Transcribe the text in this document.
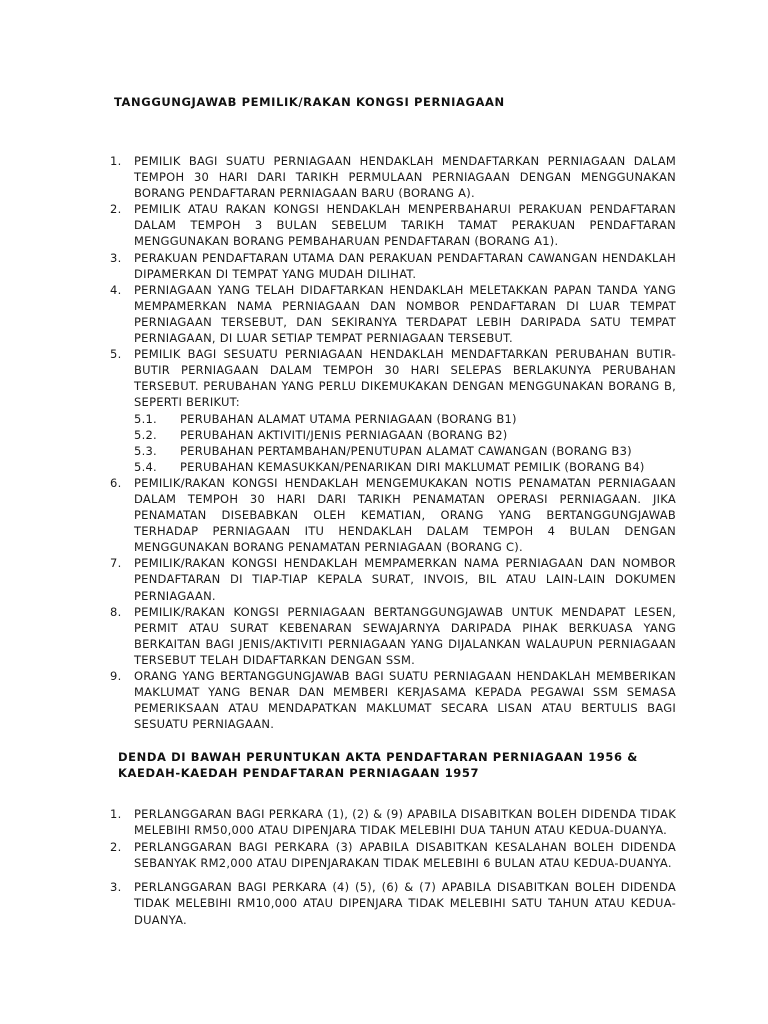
TANGGUNGJAWAB PEMILIK/RAKAN KONGSI PERNIAGAAN
1. PEMILIK BAGI SUATU PERNIAGAAN HENDAKLAH MENDAFTARKAN PERNIAGAAN DALAM TEMPOH 30 HARI DARI TARIKH PERMULAAN PERNIAGAAN DENGAN MENGGUNAKAN BORANG PENDAFTARAN PERNIAGAAN BARU (BORANG A).
2. PEMILIK ATAU RAKAN KONGSI HENDAKLAH MENPERBAHARUI PERAKUAN PENDAFTARAN DALAM TEMPOH 3 BULAN SEBELUM TARIKH TAMAT PERAKUAN PENDAFTARAN MENGGUNAKAN BORANG PEMBAHARUAN PENDAFTARAN (BORANG A1).
3. PERAKUAN PENDAFTARAN UTAMA DAN PERAKUAN PENDAFTARAN CAWANGAN HENDAKLAH DIPAMERKAN DI TEMPAT YANG MUDAH DILIHAT.
4. PERNIAGAAN YANG TELAH DIDAFTARKAN HENDAKLAH MELETAKKAN PAPAN TANDA YANG MEMPAMERKAN NAMA PERNIAGAAN DAN NOMBOR PENDAFTARAN DI LUAR TEMPAT PERNIAGAAN TERSEBUT, DAN SEKIRANYA TERDAPAT LEBIH DARIPADA SATU TEMPAT PERNIAGAAN, DI LUAR SETIAP TEMPAT PERNIAGAAN TERSEBUT.
5. PEMILIK BAGI SESUATU PERNIAGAAN HENDAKLAH MENDAFTARKAN PERUBAHAN BUTIR-BUTIR PERNIAGAAN DALAM TEMPOH 30 HARI SELEPAS BERLAKUNYA PERUBAHAN TERSEBUT. PERUBAHAN YANG PERLU DIKEMUKAKAN DENGAN MENGGUNAKAN BORANG B, SEPERTI BERIKUT:
5.1. PERUBAHAN ALAMAT UTAMA PERNIAGAAN (BORANG B1)
5.2. PERUBAHAN AKTIVITI/JENIS PERNIAGAAN (BORANG B2)
5.3. PERUBAHAN PERTAMBAHAN/PENUTUPAN ALAMAT CAWANGAN (BORANG B3)
5.4. PERUBAHAN KEMASUKKAN/PENARIKAN DIRI MAKLUMAT PEMILIK (BORANG B4)
6. PEMILIK/RAKAN KONGSI HENDAKLAH MENGEMUKAKAN NOTIS PENAMATAN PERNIAGAAN DALAM TEMPOH 30 HARI DARI TARIKH PENAMATAN OPERASI PERNIAGAAN. JIKA PENAMATAN DISEBABKAN OLEH KEMATIAN, ORANG YANG BERTANGGUNGJAWAB TERHADAP PERNIAGAAN ITU HENDAKLAH DALAM TEMPOH 4 BULAN DENGAN MENGGUNAKAN BORANG PENAMATAN PERNIAGAAN (BORANG C).
7. PEMILIK/RAKAN KONGSI HENDAKLAH MEMPAMERKAN NAMA PERNIAGAAN DAN NOMBOR PENDAFTARAN DI TIAP-TIAP KEPALA SURAT, INVOIS, BIL ATAU LAIN-LAIN DOKUMEN PERNIAGAAN.
8. PEMILIK/RAKAN KONGSI PERNIAGAAN BERTANGGUNGJAWAB UNTUK MENDAPAT LESEN, PERMIT ATAU SURAT KEBENARAN SEWAJARNYA DARIPADA PIHAK BERKUASA YANG BERKAITAN BAGI JENIS/AKTIVITI PERNIAGAAN YANG DIJALANKAN WALAUPUN PERNIAGAAN TERSEBUT TELAH DIDAFTARKAN DENGAN SSM.
9. ORANG YANG BERTANGGUNGJAWAB BAGI SUATU PERNIAGAAN HENDAKLAH MEMBERIKAN MAKLUMAT YANG BENAR DAN MEMBERI KERJASAMA KEPADA PEGAWAI SSM SEMASA PEMERIKSAAN ATAU MENDAPATKAN MAKLUMAT SECARA LISAN ATAU BERTULIS BAGI SESUATU PERNIAGAAN.
DENDA DI BAWAH PERUNTUKAN AKTA PENDAFTARAN PERNIAGAAN 1956 &
KAEDAH-KAEDAH PENDAFTARAN PERNIAGAAN 1957
1. PERLANGGARAN BAGI PERKARA (1), (2) & (9) APABILA DISABITKAN BOLEH DIDENDA TIDAK MELEBIHI RM50,000 ATAU DIPENJARA TIDAK MELEBIHI DUA TAHUN ATAU KEDUA-DUANYA.
2. PERLANGGARAN BAGI PERKARA (3) APABILA DISABITKAN KESALAHAN BOLEH DIDENDA SEBANYAK RM2,000 ATAU DIPENJARAKAN TIDAK MELEBIHI 6 BULAN ATAU KEDUA-DUANYA.
3. PERLANGGARAN BAGI PERKARA (4) (5), (6) & (7) APABILA DISABITKAN BOLEH DIDENDA TIDAK MELEBIHI RM10,000 ATAU DIPENJARA TIDAK MELEBIHI SATU TAHUN ATAU KEDUA-DUANYA.
